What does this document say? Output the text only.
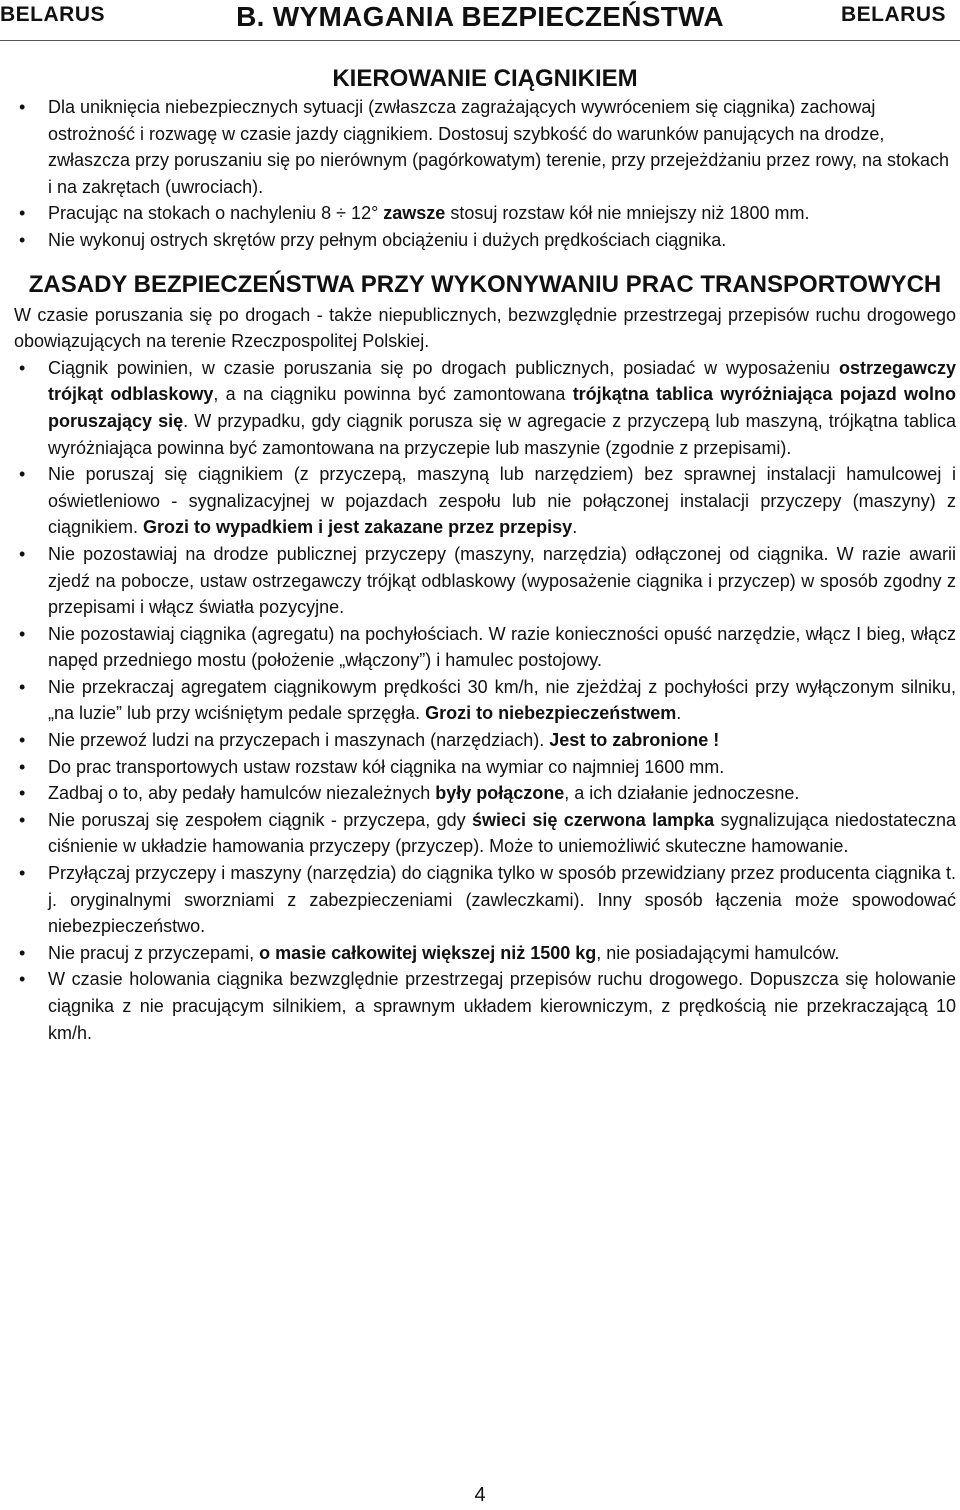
BELARUS	B. WYMAGANIA BEZPIECZEŃSTWA	BELARUS
KIEROWANIE CIĄGNIKIEM
• Dla uniknięcia niebezpiecznych sytuacji (zwłaszcza zagrażających wywróceniem się ciągnika) zachowaj ostrożność i rozwagę w czasie jazdy ciągnikiem. Dostosuj szybkość do warunków panujących na drodze, zwłaszcza przy poruszaniu się po nierównym (pagórkowatym) terenie, przy przejeżdżaniu przez rowy, na stokach i na zakrętach (uwrociach).
• Pracując na stokach o nachyleniu 8 ÷ 12° zawsze stosuj rozstaw kół nie mniejszy niż 1800 mm.
• Nie wykonuj ostrych skrętów przy pełnym obciążeniu i dużych prędkościach ciągnika.
ZASADY BEZPIECZEŃSTWA PRZY WYKONYWANIU PRAC TRANSPORTOWYCH

W czasie poruszania się po drogach - także niepublicznych, bezwzględnie przestrzegaj przepisów ruchu drogowego obowiązujących na terenie Rzeczpospolitej Polskiej.

• Ciągnik powinien, w czasie poruszania się po drogach publicznych, posiadać w wyposażeniu ostrzegawczy trójkąt odblaskowy, a na ciągniku powinna być zamontowana trójkątna tablica wyróżniająca pojazd wolno poruszający się. W przypadku, gdy ciągnik porusza się w agregacie z przyczepą lub maszyną, trójkątna tablica wyróżniająca powinna być zamontowana na przyczepie lub maszynie (zgodnie z przepisami).
• Nie poruszaj się ciągnikiem (z przyczepą, maszyną lub narzędziem) bez sprawnej instalacji hamulcowej i oświetleniowo - sygnalizacyjnej w pojazdach zespołu lub nie połączonej instalacji przyczepy (maszyny) z ciągnikiem. Grozi to wypadkiem i jest zakazane przez przepisy.
• Nie pozostawiaj na drodze publicznej przyczepy (maszyny, narzędzia) odłączonej od ciągnika. W razie awarii zjedź na pobocze, ustaw ostrzegawczy trójkąt odblaskowy (wyposażenie ciągnika i przyczep) w sposób zgodny z przepisami i włącz światła pozycyjne.
• Nie pozostawiaj ciągnika (agregatu) na pochyłościach. W razie konieczności opuść narzędzie, włącz I bieg, włącz napęd przedniego mostu (położenie „włączony”) i hamulec postojowy.
• Nie przekraczaj agregatem ciągnikowym prędkości 30 km/h, nie zjeżdżaj z pochyłości przy wyłączonym silniku, „na luzie” lub przy wciśniętym pedale sprzęgła. Grozi to niebezpieczeństwem.
• Nie przewoź ludzi na przyczepach i maszynach (narzędziach). Jest to zabronione !
• Do prac transportowych ustaw rozstaw kół ciągnika na wymiar co najmniej 1600 mm.
• Zadbaj o to, aby pedały hamulców niezależnych były połączone, a ich działanie jednoczesne.
• Nie poruszaj się zespołem ciągnik - przyczepa, gdy świeci się czerwona lampka sygnalizująca niedostateczna ciśnienie w układzie hamowania przyczepy (przyczep). Może to uniemożliwić skuteczne hamowanie.
• Przyłączaj przyczepy i maszyny (narzędzia) do ciągnika tylko w sposób przewidziany przez producenta ciągnika t. j. oryginalnymi sworzniami z zabezpieczeniami (zawleczkami). Inny sposób łączenia może spowodować niebezpieczeństwo.
• Nie pracuj z przyczepami, o masie całkowitej większej niż 1500 kg, nie posiadającymi hamulców.
• W czasie holowania ciągnika bezwzględnie przestrzegaj przepisów ruchu drogowego. Dopuszcza się holowanie ciągnika z nie pracującym silnikiem, a sprawnym układem kierowniczym, z prędkością nie przekraczającą 10 km/h.
4
